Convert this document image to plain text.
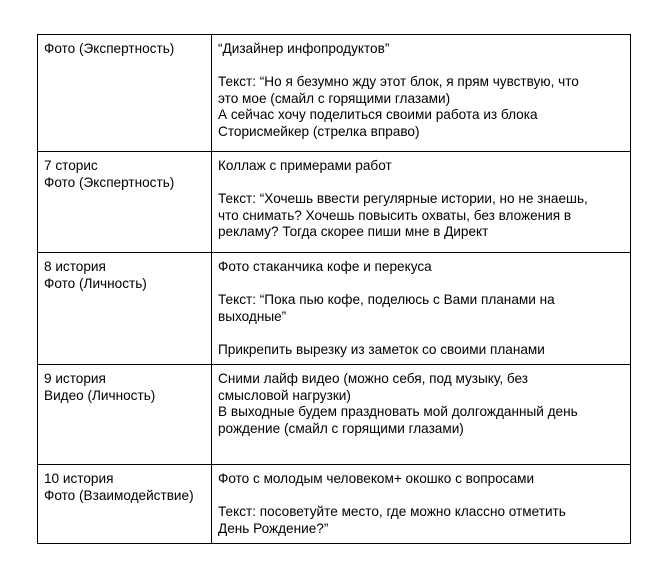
Фото (Экспертность)	“Дизайнер инфопродуктов”
Текст: “Но я безумно жду этот блок, я прям чувствую, что
это мое (смайл с горящими глазами)
А сейчас хочу поделиться своими работа из блока
Сторисмейкер (стрелка вправо)

7 сторис
Фото (Экспертность)	Коллаж с примерами работ
Текст: “Хочешь ввести регулярные истории, но не знаешь,
что снимать? Хочешь повысить охваты, без вложения в
рекламу? Тогда скорее пиши мне в Директ

8 история
Фото (Личность)	Фото стаканчика кофе и перекуса
Текст: “Пока пью кофе, поделюсь с Вами планами на
выходные”
Прикрепить вырезку из заметок со своими планами

9 история
Видео (Личность)	Сними лайф видео (можно себя, под музыку, без
смысловой нагрузки)
В выходные будем праздновать мой долгожданный день
рождение (смайл с горящими глазами)

10 история
Фото (Взаимодействие)	Фото с молодым человеком+ окошко с вопросами
Текст: посоветуйте место, где можно классно отметить
День Рождение?”
